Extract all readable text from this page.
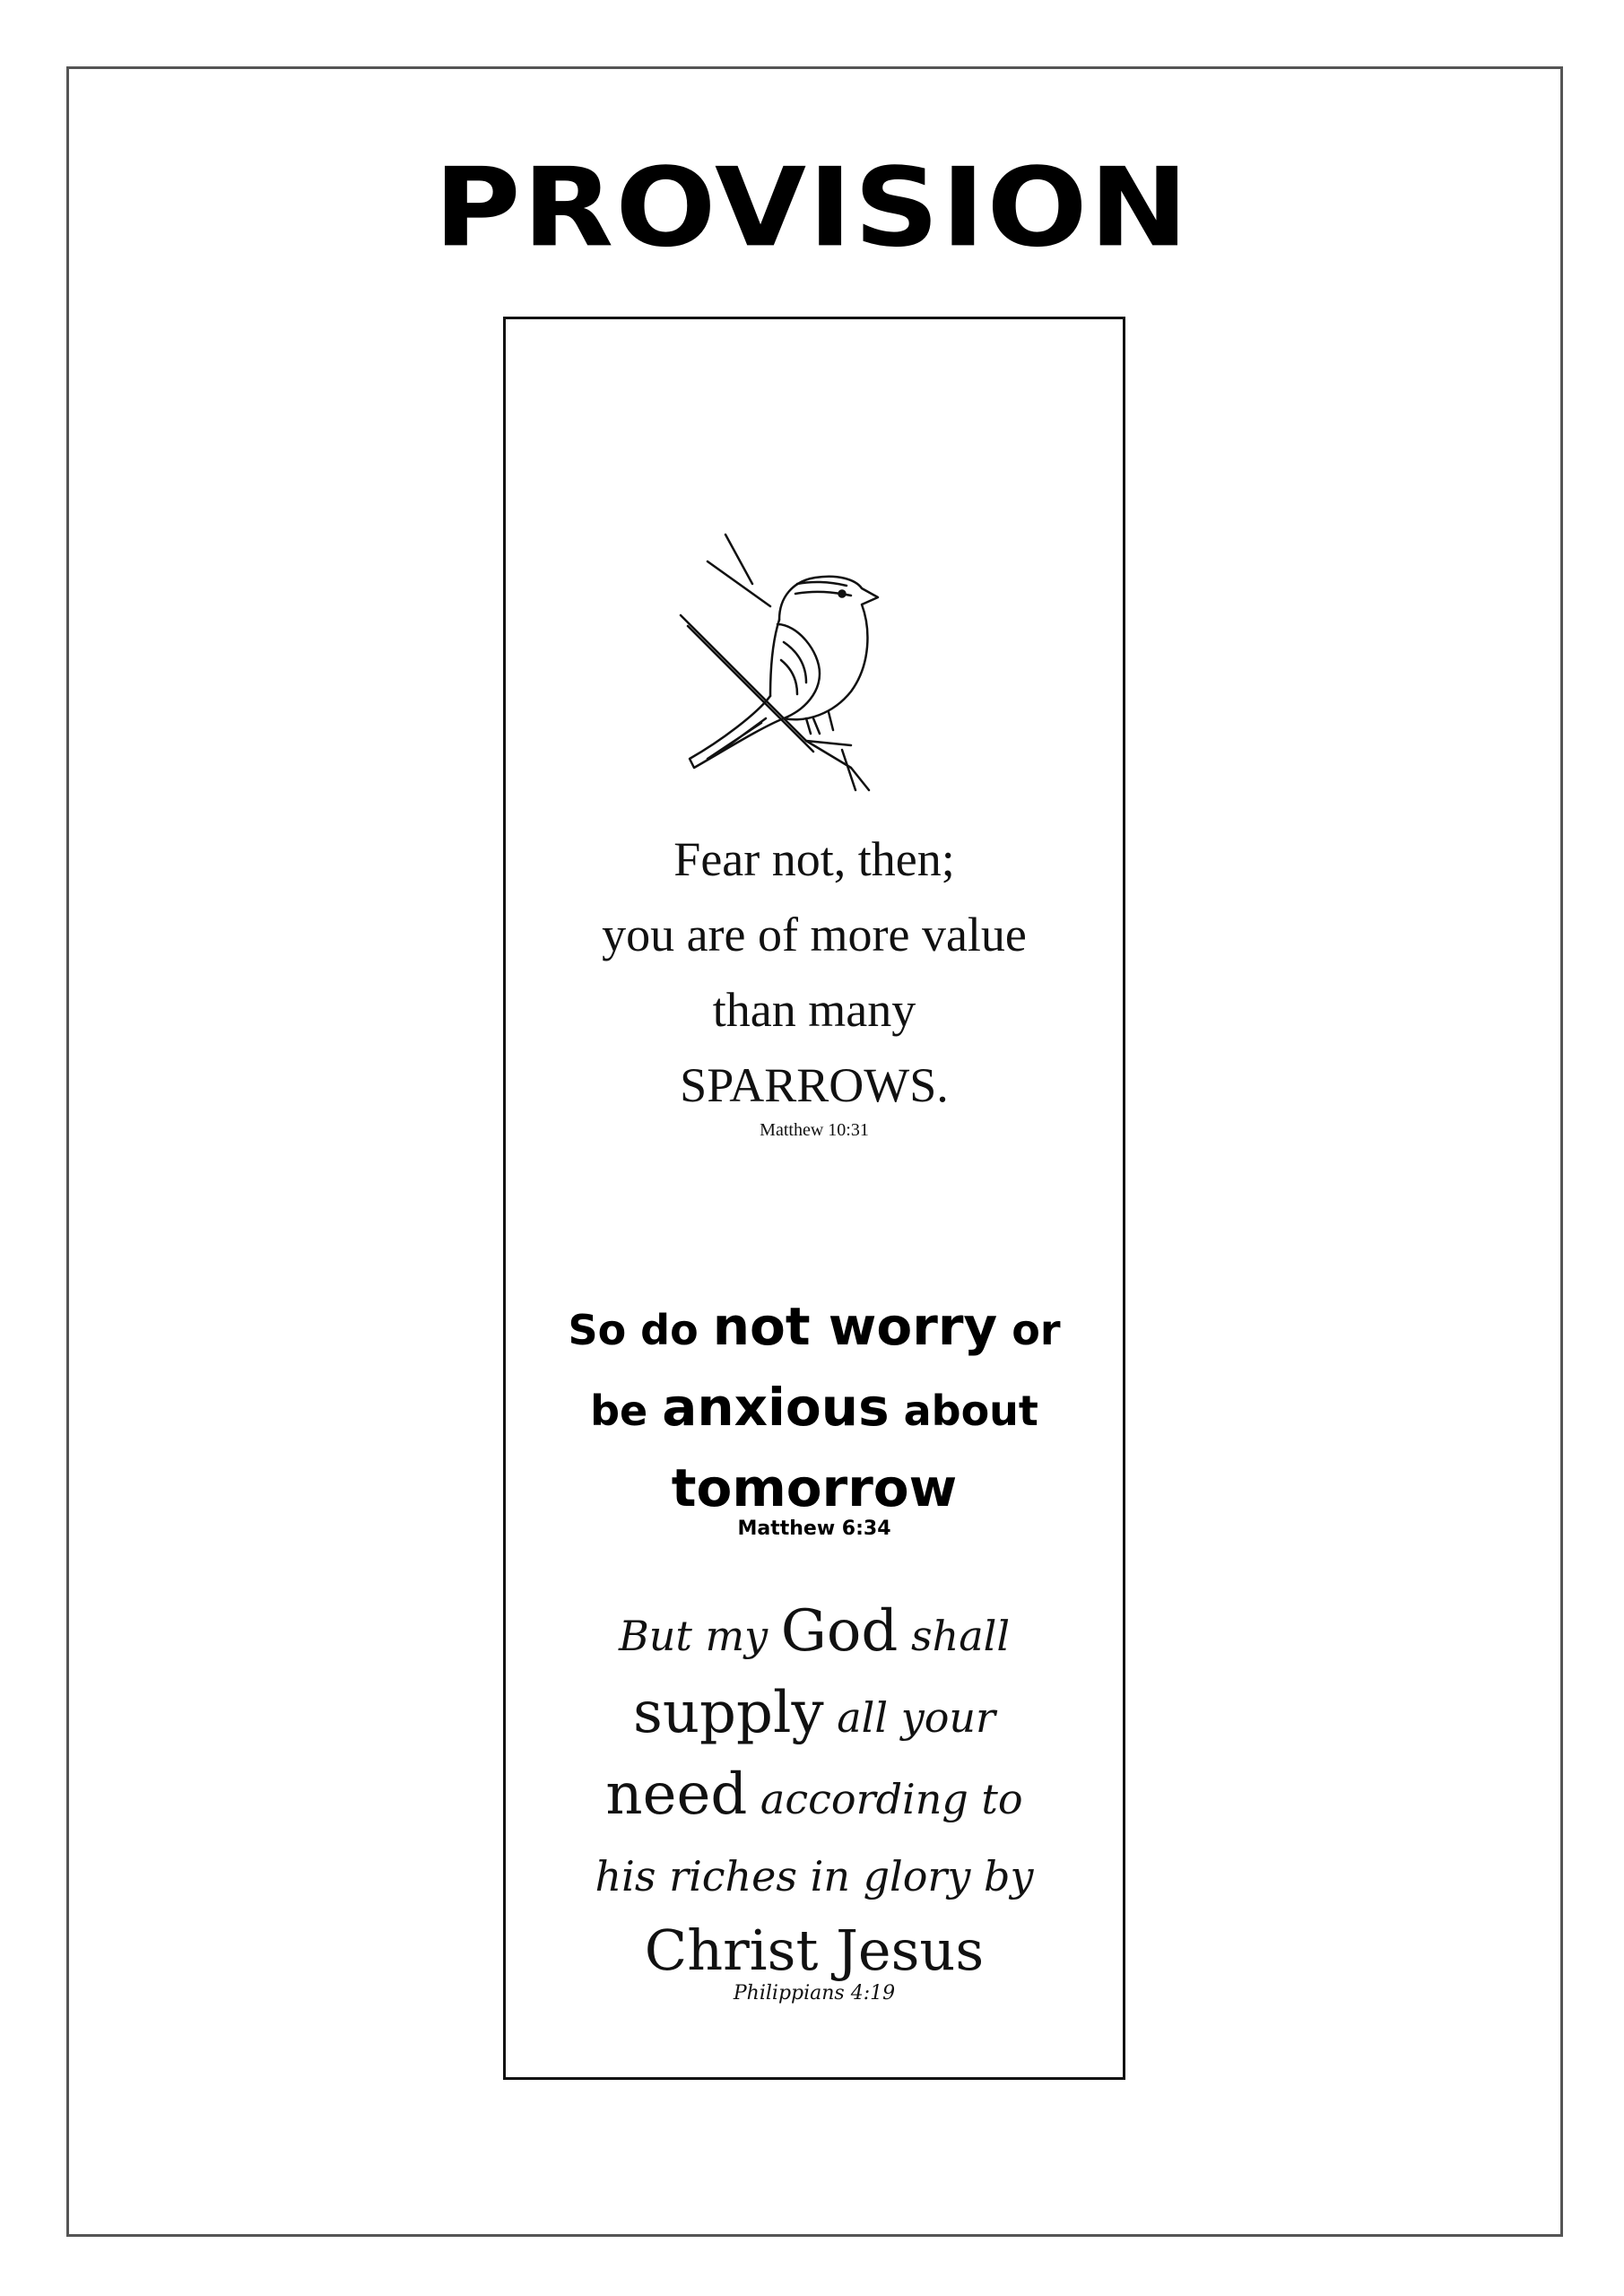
PROVISION
Fear not, then;
you are of more value
than many
SPARROWS.
Matthew 10:31
So do not worry or
be anxious about
tomorrow
Matthew 6:34
But my God shall
supply all your
need according to
his riches in glory by
Christ Jesus
Philippians 4:19
